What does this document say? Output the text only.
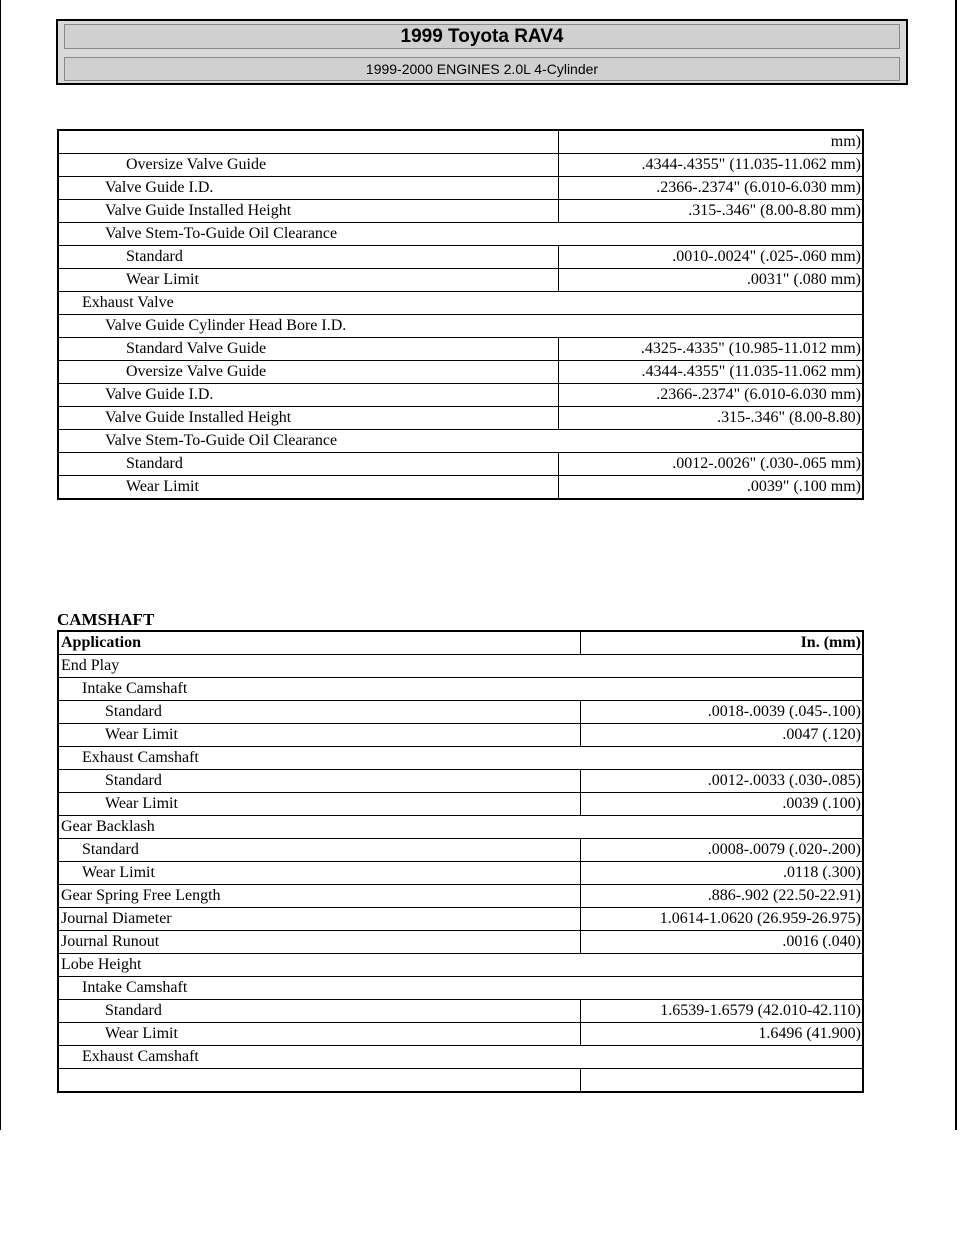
1999 Toyota RAV4
1999-2000 ENGINES 2.0L 4-Cylinder
	mm)
Oversize Valve Guide	.4344-.4355" (11.035-11.062 mm)
Valve Guide I.D.	.2366-.2374" (6.010-6.030 mm)
Valve Guide Installed Height	.315-.346" (8.00-8.80 mm)
Valve Stem-To-Guide Oil Clearance	
Standard	.0010-.0024" (.025-.060 mm)
Wear Limit	.0031" (.080 mm)
Exhaust Valve	
Valve Guide Cylinder Head Bore I.D.	
Standard Valve Guide	.4325-.4335" (10.985-11.012 mm)
Oversize Valve Guide	.4344-.4355" (11.035-11.062 mm)
Valve Guide I.D.	.2366-.2374" (6.010-6.030 mm)
Valve Guide Installed Height	.315-.346" (8.00-8.80)
Valve Stem-To-Guide Oil Clearance	
Standard	.0012-.0026" (.030-.065 mm)
Wear Limit	.0039" (.100 mm)
CAMSHAFT
Application	In. (mm)
End Play	
Intake Camshaft	
Standard	.0018-.0039 (.045-.100)
Wear Limit	.0047 (.120)
Exhaust Camshaft	
Standard	.0012-.0033 (.030-.085)
Wear Limit	.0039 (.100)
Gear Backlash	
Standard	.0008-.0079 (.020-.200)
Wear Limit	.0118 (.300)
Gear Spring Free Length	.886-.902 (22.50-22.91)
Journal Diameter	1.0614-1.0620 (26.959-26.975)
Journal Runout	.0016 (.040)
Lobe Height	
Intake Camshaft	
Standard	1.6539-1.6579 (42.010-42.110)
Wear Limit	1.6496 (41.900)
Exhaust Camshaft	
